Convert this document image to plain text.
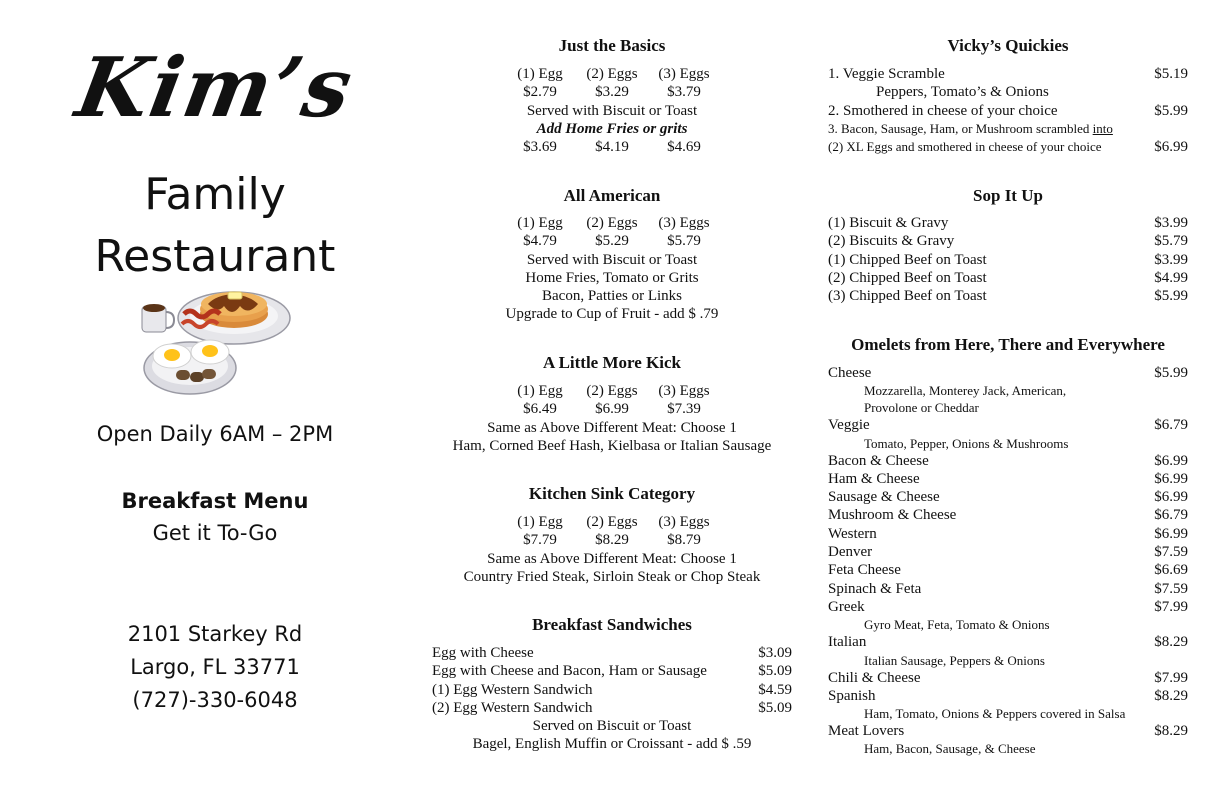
Kim’s
Family
Restaurant
Open Daily 6AM – 2PM
Breakfast Menu
Get it To-Go
2101 Starkey Rd
Largo, FL 33771
(727)-330-6048
Just the Basics
(1) Egg	(2) Eggs	(3) Eggs
$2.79	$3.29	$3.79
Served with Biscuit or Toast
Add Home Fries or grits
$3.69	$4.19	$4.69
All American
(1) Egg	(2) Eggs	(3) Eggs
$4.79	$5.29	$5.79
Served with Biscuit or Toast
Home Fries, Tomato or Grits
Bacon, Patties or Links
Upgrade to Cup of Fruit - add $ .79
A Little More Kick
(1) Egg	(2) Eggs	(3) Eggs
$6.49	$6.99	$7.39
Same as Above Different Meat: Choose 1
Ham, Corned Beef Hash, Kielbasa or Italian Sausage
Kitchen Sink Category
(1) Egg	(2) Eggs	(3) Eggs
$7.79	$8.29	$8.79
Same as Above Different Meat: Choose 1
Country Fried Steak, Sirloin Steak or Chop Steak
Breakfast Sandwiches
Egg with Cheese	$3.09
Egg with Cheese and Bacon, Ham or Sausage	$5.09
(1) Egg Western Sandwich	$4.59
(2) Egg Western Sandwich	$5.09
Served on Biscuit or Toast
Bagel, English Muffin or Croissant - add $ .59
Vicky’s Quickies
1. Veggie Scramble	$5.19
Peppers, Tomato’s & Onions
2. Smothered in cheese of your choice	$5.99
3. Bacon, Sausage, Ham, or Mushroom scrambled into
(2) XL Eggs and smothered in cheese of your choice	$6.99
Sop It Up
(1) Biscuit & Gravy	$3.99
(2) Biscuits & Gravy	$5.79
(1) Chipped Beef on Toast	$3.99
(2) Chipped Beef on Toast	$4.99
(3) Chipped Beef on Toast	$5.99
Omelets from Here, There and Everywhere
Cheese	$5.99
Mozzarella, Monterey Jack, American,
Provolone or Cheddar
Veggie	$6.79
Tomato, Pepper, Onions & Mushrooms
Bacon & Cheese	$6.99
Ham & Cheese	$6.99
Sausage & Cheese	$6.99
Mushroom & Cheese	$6.79
Western	$6.99
Denver	$7.59
Feta Cheese	$6.69
Spinach & Feta	$7.59
Greek	$7.99
Gyro Meat, Feta, Tomato & Onions
Italian	$8.29
Italian Sausage, Peppers & Onions
Chili & Cheese	$7.99
Spanish	$8.29
Ham, Tomato, Onions & Peppers covered in Salsa
Meat Lovers	$8.29
Ham, Bacon, Sausage, & Cheese
